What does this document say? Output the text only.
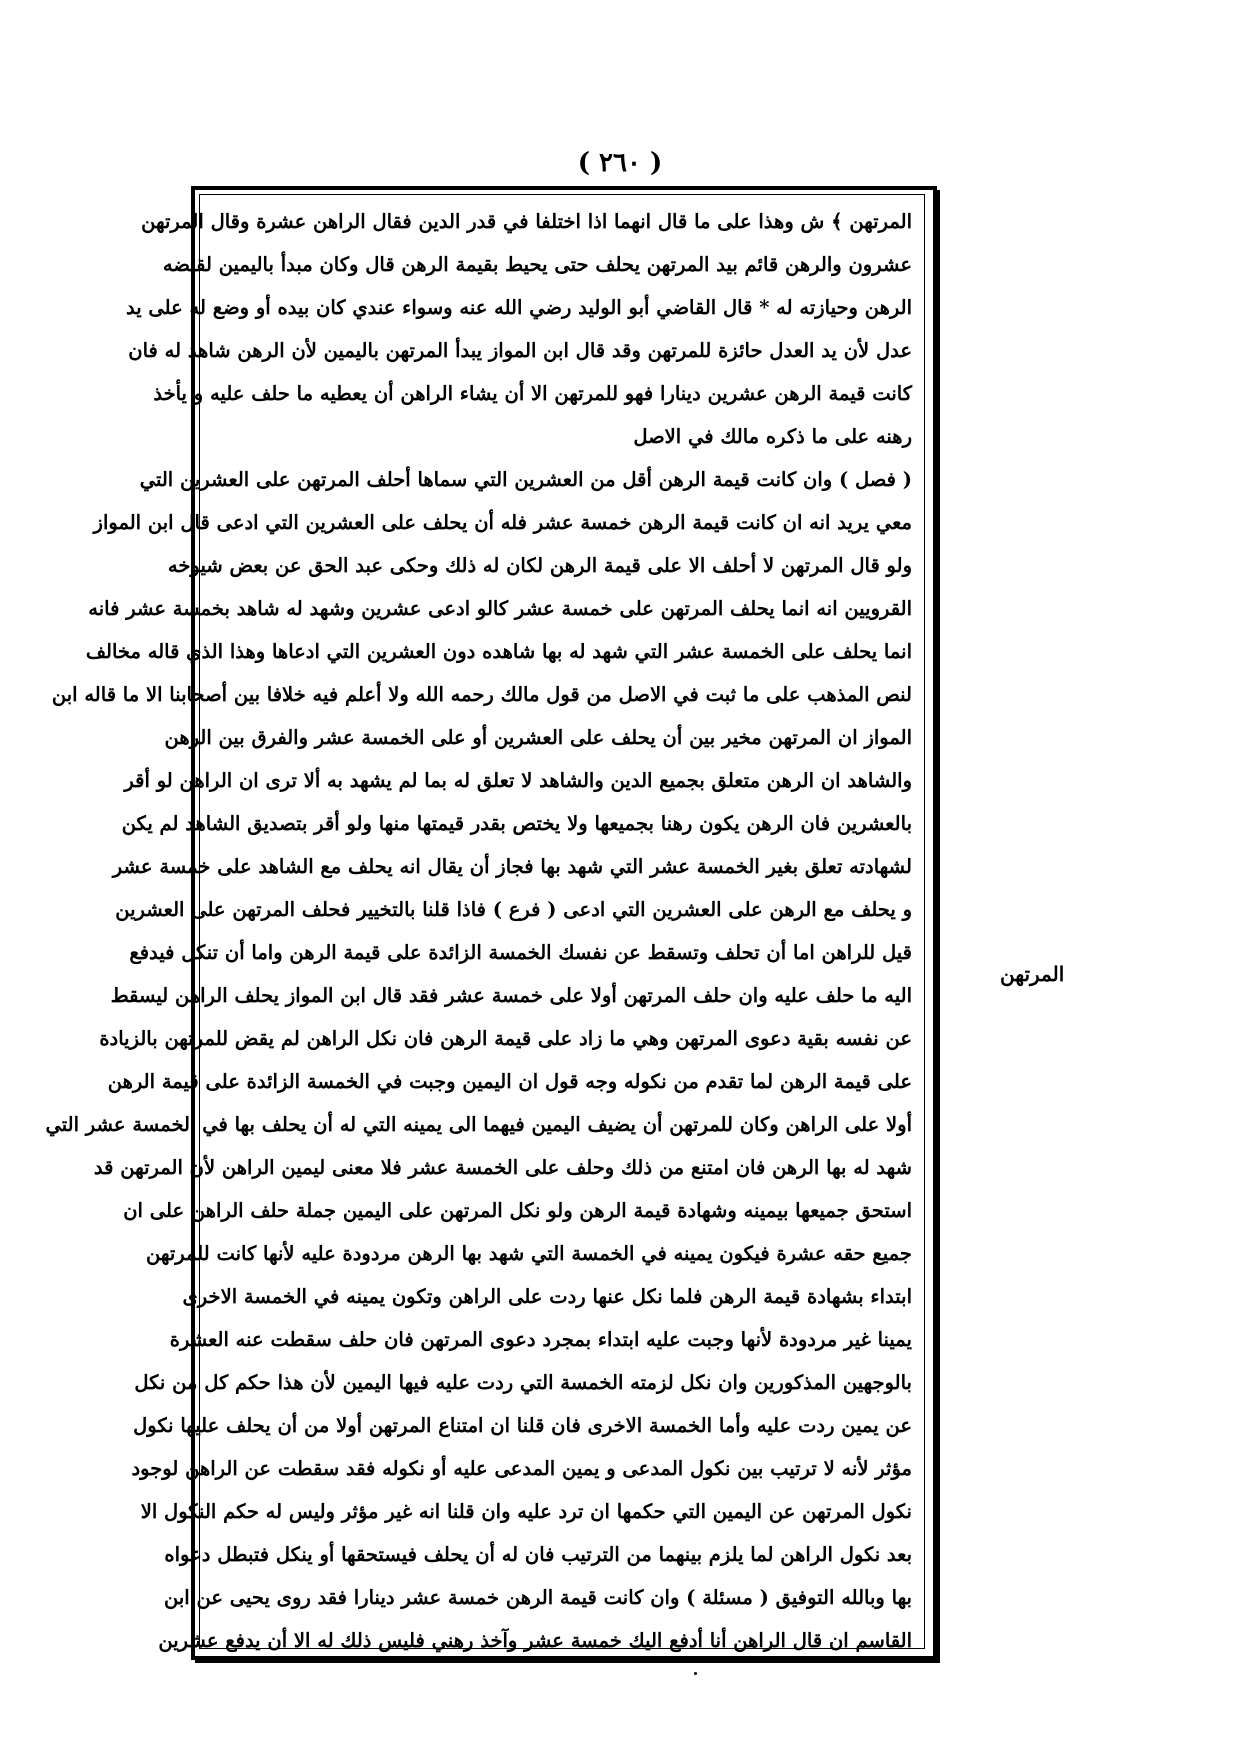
( ٢٦٠ )
المرتهن ﴾ ش وهذا على ما قال انهما اذا اختلفا في قدر الدين فقال الراهن عشرة وقال المرتهن
عشرون والرهن قائم بيد المرتهن يحلف حتى يحيط بقيمة الرهن قال وكان مبدأ باليمين لقبضه
الرهن وحيازته له * قال القاضي أبو الوليد رضي الله عنه وسواء عندي كان بيده أو وضع له على يد
عدل لأن يد العدل حائزة للمرتهن وقد قال ابن المواز يبدأ المرتهن باليمين لأن الرهن شاهد له فان
كانت قيمة الرهن عشرين دينارا فهو للمرتهن الا أن يشاء الراهن أن يعطيه ما حلف عليه و يأخذ
رهنه على ما ذكره مالك في الاصل
( فصل ) وان كانت قيمة الرهن أقل من العشرين التي سماها أحلف المرتهن على العشرين التي
معي يريد انه ان كانت قيمة الرهن خمسة عشر فله أن يحلف على العشرين التي ادعى قال ابن المواز
ولو قال المرتهن لا أحلف الا على قيمة الرهن لكان له ذلك وحكى عبد الحق عن بعض شيوخه
القرويين انه انما يحلف المرتهن على خمسة عشر كالو ادعى عشرين وشهد له شاهد بخمسة عشر فانه
انما يحلف على الخمسة عشر التي شهد له بها شاهده دون العشرين التي ادعاها وهذا الذي قاله مخالف
لنص المذهب على ما ثبت في الاصل من قول مالك رحمه الله ولا أعلم فيه خلافا بين أصحابنا الا ما قاله ابن
المواز ان المرتهن مخير بين أن يحلف على العشرين أو على الخمسة عشر والفرق بين الرهن
والشاهد ان الرهن متعلق بجميع الدين والشاهد لا تعلق له بما لم يشهد به ألا ترى ان الراهن لو أقر
بالعشرين فان الرهن يكون رهنا بجميعها ولا يختص بقدر قيمتها منها ولو أقر بتصديق الشاهد لم يكن
لشهادته تعلق بغير الخمسة عشر التي شهد بها فجاز أن يقال انه يحلف مع الشاهد على خمسة عشر
و يحلف مع الرهن على العشرين التي ادعى ( فرع ) فاذا قلنا بالتخيير فحلف المرتهن على العشرين
قيل للراهن اما أن تحلف وتسقط عن نفسك الخمسة الزائدة على قيمة الرهن واما أن تنكل فيدفع
اليه ما حلف عليه وان حلف المرتهن أولا على خمسة عشر فقد قال ابن المواز يحلف الراهن ليسقط
عن نفسه بقية دعوى المرتهن وهي ما زاد على قيمة الرهن فان نكل الراهن لم يقض للمرتهن بالزيادة
على قيمة الرهن لما تقدم من نكوله وجه قول ان اليمين وجبت في الخمسة الزائدة على قيمة الرهن
أولا على الراهن وكان للمرتهن أن يضيف اليمين فيهما الى يمينه التي له أن يحلف بها في الخمسة عشر التي
شهد له بها الرهن فان امتنع من ذلك وحلف على الخمسة عشر فلا معنى ليمين الراهن لأن المرتهن قد
استحق جميعها بيمينه وشهادة قيمة الرهن ولو نكل المرتهن على اليمين جملة حلف الراهن على ان
جميع حقه عشرة فيكون يمينه في الخمسة التي شهد بها الرهن مردودة عليه لأنها كانت للمرتهن
ابتداء بشهادة قيمة الرهن فلما نكل عنها ردت على الراهن وتكون يمينه في الخمسة الاخرى
يمينا غير مردودة لأنها وجبت عليه ابتداء بمجرد دعوى المرتهن فان حلف سقطت عنه العشرة
بالوجهين المذكورين وان نكل لزمته الخمسة التي ردت عليه فيها اليمين لأن هذا حكم كل من نكل
عن يمين ردت عليه وأما الخمسة الاخرى فان قلنا ان امتناع المرتهن أولا من أن يحلف عليها نكول
مؤثر لأنه لا ترتيب بين نكول المدعى و يمين المدعى عليه أو نكوله فقد سقطت عن الراهن لوجود
نكول المرتهن عن اليمين التي حكمها ان ترد عليه وان قلنا انه غير مؤثر وليس له حكم النكول الا
بعد نكول الراهن لما يلزم بينهما من الترتيب فان له أن يحلف فيستحقها أو ينكل فتبطل دعواه
بها وبالله التوفيق ( مسئلة ) وان كانت قيمة الرهن خمسة عشر دينارا فقد روى يحيى عن ابن
القاسم ان قال الراهن أنا أدفع اليك خمسة عشر وآخذ رهني فليس ذلك له الا أن يدفع عشرين
المرتهن
